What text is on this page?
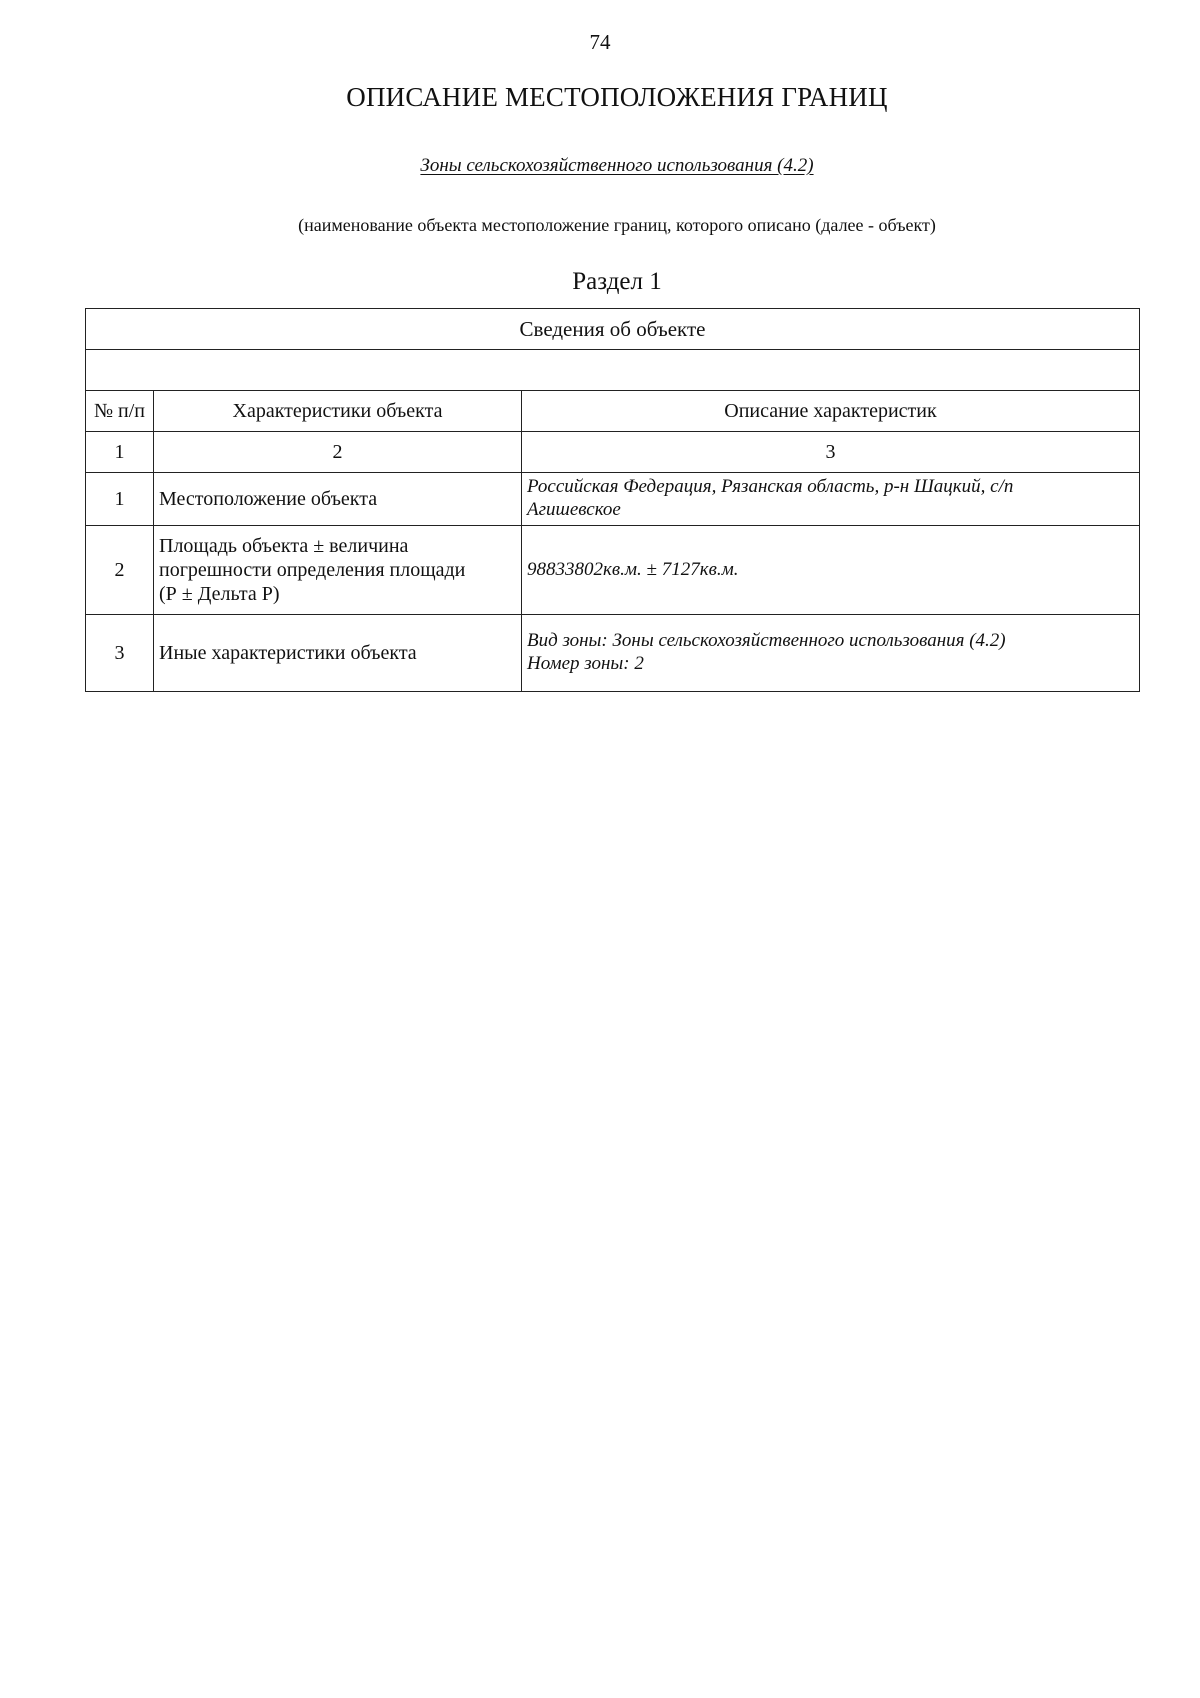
74
ОПИСАНИЕ МЕСТОПОЛОЖЕНИЯ ГРАНИЦ
Зоны сельскохозяйственного использования (4.2)
(наименование объекта местоположение границ, которого описано (далее - объект)
Раздел 1
Сведения об объекте		

№ п/п	Характеристики объекта	Описание характеристик
1	2	3
1	Местоположение объекта	Российская Федерация, Рязанская область, р-н Шацкий, с/п
Агишевское

2	Площадь объекта ± величина
погрешности определения площади
(Р ± Дельта Р)	98833802кв.м. ± 7127кв.м.

3	Иные характеристики объекта	Вид зоны: Зоны сельскохозяйственного использования (4.2)
Номер зоны: 2
